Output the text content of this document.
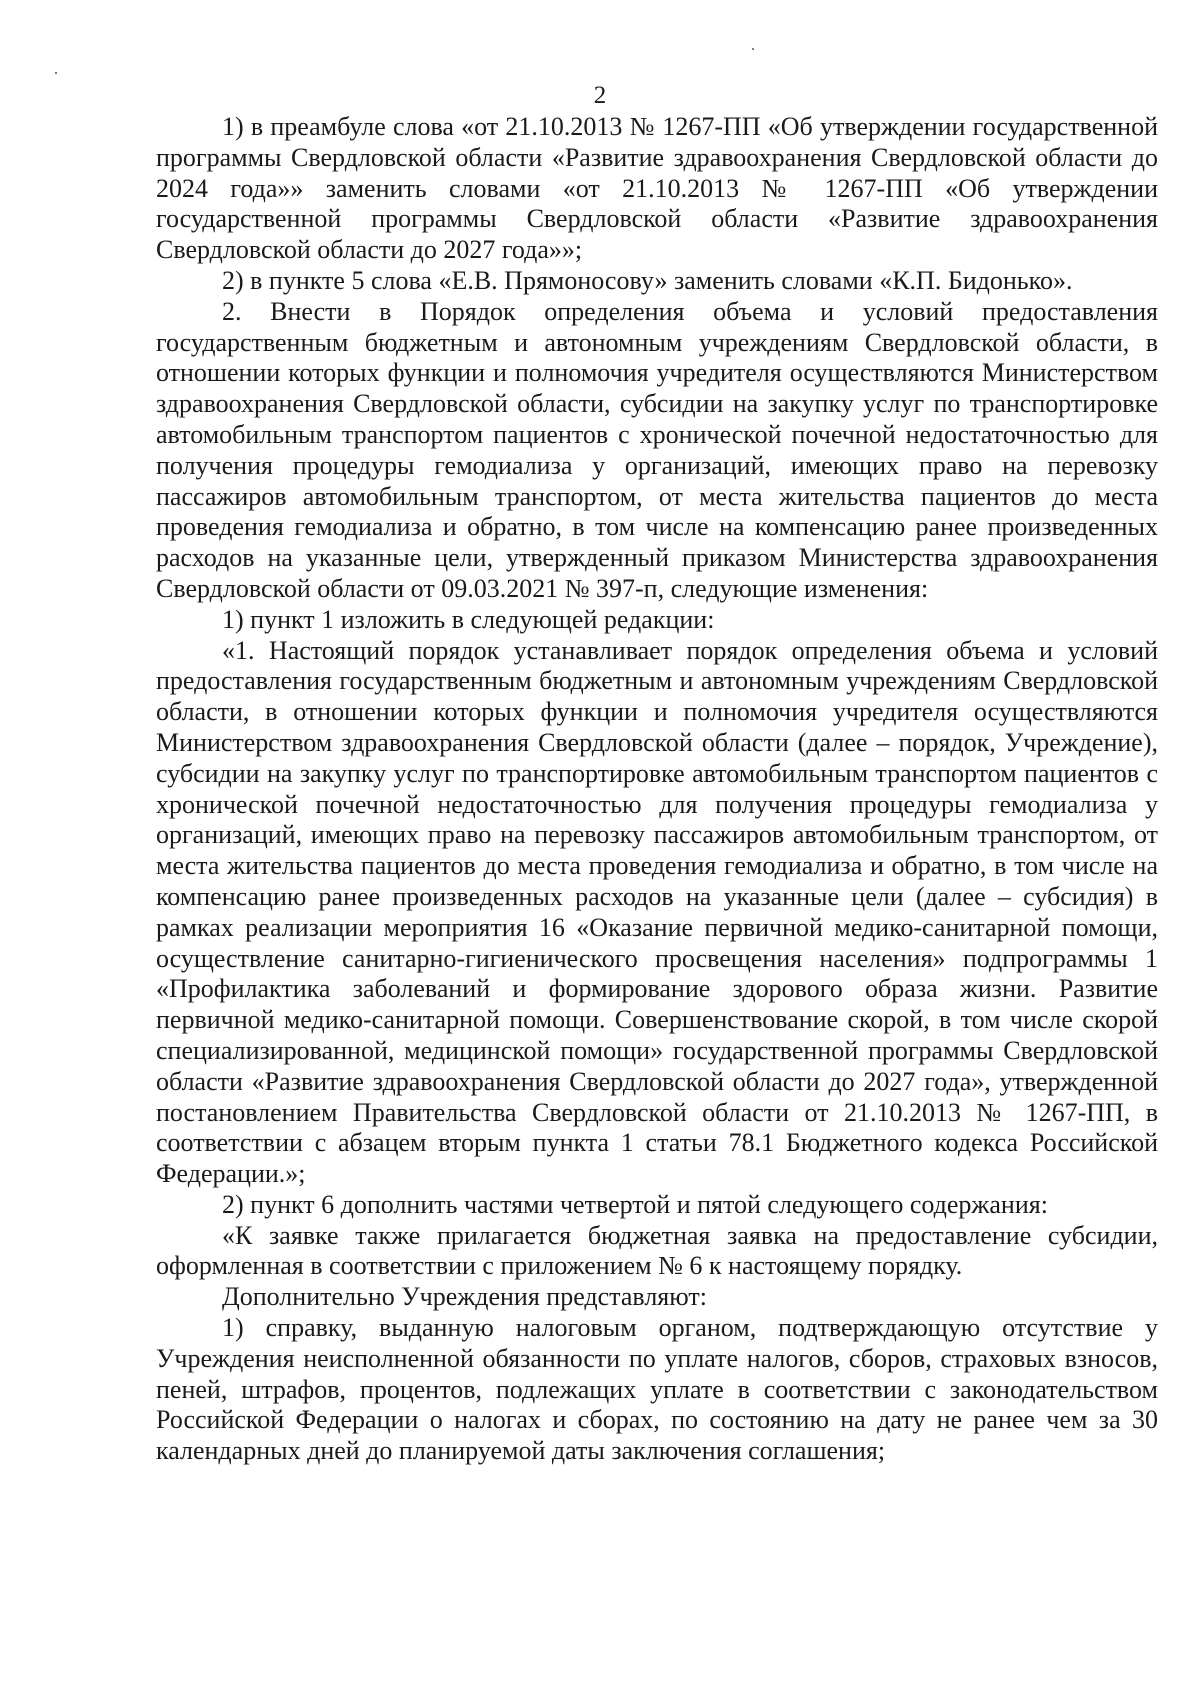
2

1) в преамбуле слова «от 21.10.2013 № 1267-ПП «Об утверждении государственной программы Свердловской области «Развитие здравоохранения Свердловской области до 2024 года»» заменить словами «от 21.10.2013 № 1267-ПП «Об утверждении государственной программы Свердловской области «Развитие здравоохранения Свердловской области до 2027 года»»;

2) в пункте 5 слова «Е.В. Прямоносову» заменить словами «К.П. Бидонько».

2. Внести в Порядок определения объема и условий предоставления государственным бюджетным и автономным учреждениям Свердловской области, в отношении которых функции и полномочия учредителя осуществляются Министерством здравоохранения Свердловской области, субсидии на закупку услуг по транспортировке автомобильным транспортом пациентов с хронической почечной недостаточностью для получения процедуры гемодиализа у организаций, имеющих право на перевозку пассажиров автомобильным транспортом, от места жительства пациентов до места проведения гемодиализа и обратно, в том числе на компенсацию ранее произведенных расходов на указанные цели, утвержденный приказом Министерства здравоохранения Свердловской области от 09.03.2021 № 397-п, следующие изменения:

1) пункт 1 изложить в следующей редакции:

«1. Настоящий порядок устанавливает порядок определения объема и условий предоставления государственным бюджетным и автономным учреждениям Свердловской области, в отношении которых функции и полномочия учредителя осуществляются Министерством здравоохранения Свердловской области (далее – порядок, Учреждение), субсидии на закупку услуг по транспортировке автомобильным транспортом пациентов с хронической почечной недостаточностью для получения процедуры гемодиализа у организаций, имеющих право на перевозку пассажиров автомобильным транспортом, от места жительства пациентов до места проведения гемодиализа и обратно, в том числе на компенсацию ранее произведенных расходов на указанные цели (далее – субсидия) в рамках реализации мероприятия 16 «Оказание первичной медико-санитарной помощи, осуществление санитарно-гигиенического просвещения населения» подпрограммы 1 «Профилактика заболеваний и формирование здорового образа жизни. Развитие первичной медико-санитарной помощи. Совершенствование скорой, в том числе скорой специализированной, медицинской помощи» государственной программы Свердловской области «Развитие здравоохранения Свердловской области до 2027 года», утвержденной постановлением Правительства Свердловской области от 21.10.2013 № 1267-ПП, в соответствии с абзацем вторым пункта 1 статьи 78.1 Бюджетного кодекса Российской Федерации.»;

2) пункт 6 дополнить частями четвертой и пятой следующего содержания:

«К заявке также прилагается бюджетная заявка на предоставление субсидии, оформленная в соответствии с приложением № 6 к настоящему порядку.

Дополнительно Учреждения представляют:

1) справку, выданную налоговым органом, подтверждающую отсутствие у Учреждения неисполненной обязанности по уплате налогов, сборов, страховых взносов, пеней, штрафов, процентов, подлежащих уплате в соответствии с законодательством Российской Федерации о налогах и сборах, по состоянию на дату не ранее чем за 30 календарных дней до планируемой даты заключения соглашения;
